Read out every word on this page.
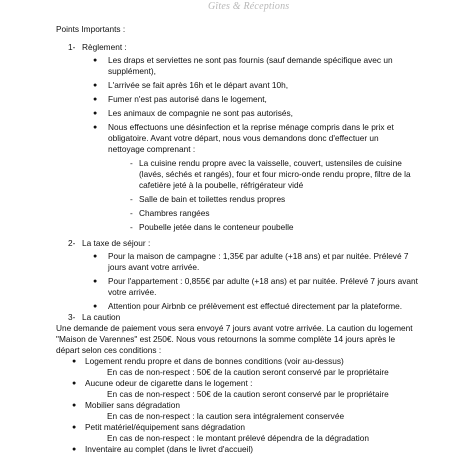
Gîtes & Réceptions
Points Importants :
1- Règlement :
● Les draps et serviettes ne sont pas fournis (sauf demande spécifique avec un
supplément),
● L'arrivée se fait après 16h et le départ avant 10h,
● Fumer n'est pas autorisé dans le logement,
● Les animaux de compagnie ne sont pas autorisés,
● Nous effectuons une désinfection et la reprise ménage compris dans le prix et
obligatoire. Avant votre départ, nous vous demandons donc d'effectuer un
nettoyage comprenant :
- La cuisine rendu propre avec la vaisselle, couvert, ustensiles de cuisine
(lavés, séchés et rangés), four et four micro-onde rendu propre, filtre de la
cafetière jeté à la poubelle, réfrigérateur vidé
- Salle de bain et toilettes rendus propres
- Chambres rangées
- Poubelle jetée dans le conteneur poubelle
2- La taxe de séjour :
● Pour la maison de campagne : 1,35€ par adulte (+18 ans) et par nuitée. Prélevé 7
jours avant votre arrivée.
● Pour l'appartement : 0,855€ par adulte (+18 ans) et par nuitée. Prélevé 7 jours avant
votre arrivée.
● Attention pour Airbnb ce prélèvement est effectué directement par la plateforme.
3- La caution
Une demande de paiement vous sera envoyé 7 jours avant votre arrivée. La caution du logement
"Maison de Varennes" est 250€. Nous vous retournons la somme complète 14 jours après le
départ selon ces conditions :
● Logement rendu propre et dans de bonnes conditions (voir au-dessus)
En cas de non-respect : 50€ de la caution seront conservé par le propriétaire
● Aucune odeur de cigarette dans le logement :
En cas de non-respect : 50€ de la caution seront conservé par le propriétaire
● Mobilier sans dégradation
En cas de non-respect : la caution sera intégralement conservée
● Petit matériel/équipement sans dégradation
En cas de non-respect : le montant prélevé dépendra de la dégradation
● Inventaire au complet (dans le livret d'accueil)
